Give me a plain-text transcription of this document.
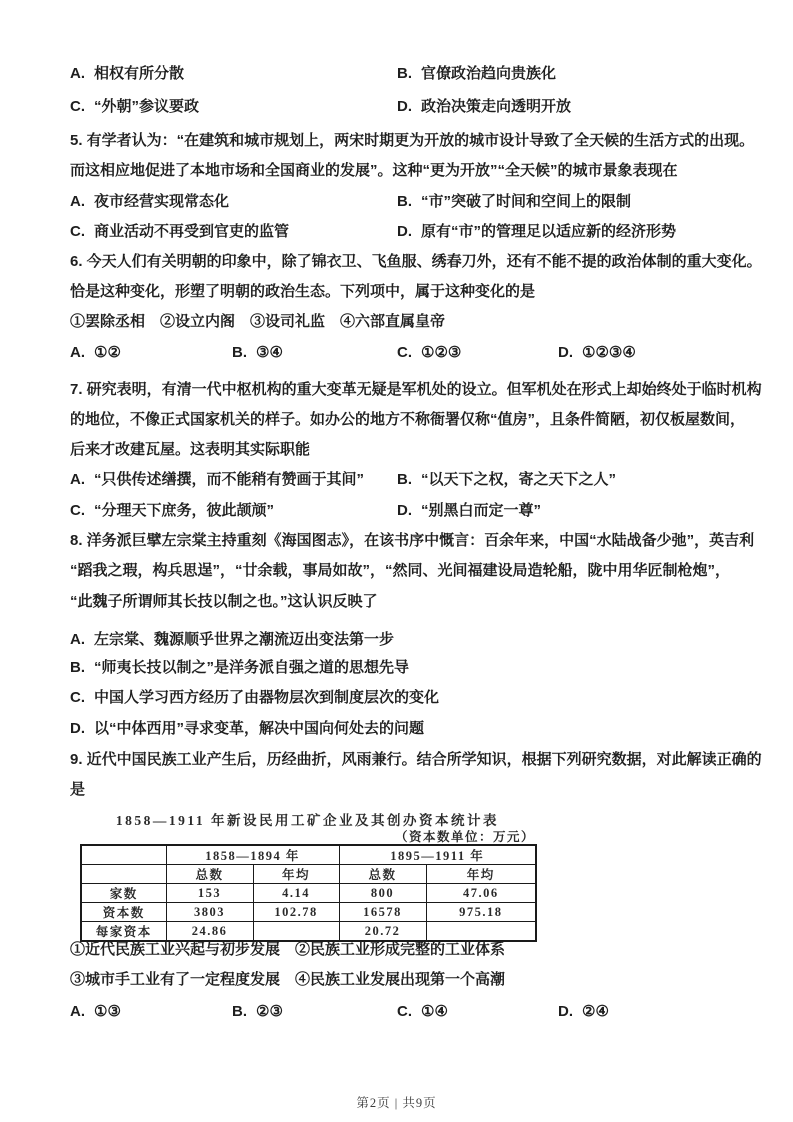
A. 相权有所分散	B. 官僚政治趋向贵族化
C. “外朝”参议要政	D. 政治决策走向透明开放
5. 有学者认为：“在建筑和城市规划上，两宋时期更为开放的城市设计导致了全天候的生活方式的出现。
而这相应地促进了本地市场和全国商业的发展”。这种“更为开放”“全天候”的城市景象表现在
A. 夜市经营实现常态化	B. “市”突破了时间和空间上的限制
C. 商业活动不再受到官吏的监管	D. 原有“市”的管理足以适应新的经济形势
6. 今天人们有关明朝的印象中，除了锦衣卫、飞鱼服、绣春刀外，还有不能不提的政治体制的重大变化。
恰是这种变化，形塑了明朝的政治生态。下列项中，属于这种变化的是
①罢除丞相　②设立内阁　③设司礼监　④六部直属皇帝
A. ①②	B. ③④	C. ①②③	D. ①②③④
7. 研究表明，有清一代中枢机构的重大变革无疑是军机处的设立。但军机处在形式上却始终处于临时机构
的地位，不像正式国家机关的样子。如办公的地方不称衙署仅称“值房”，且条件简陋，初仅板屋数间，
后来才改建瓦屋。这表明其实际职能
A. “只供传述缮撰，而不能稍有赞画于其间” B. “以天下之权，寄之天下之人”
C. “分理天下庶务，彼此颉颃”	D. “别黑白而定一尊”
8. 洋务派巨擘左宗棠主持重刻《海国图志》，在该书序中慨言：百余年来，中国“水陆战备少弛”，英吉利
“蹈我之瑕，构兵思逞”，“廿余载，事局如故”，“然同、光间福建设局造轮船，陇中用华匠制枪炮”，
“此魏子所谓师其长技以制之也。”这认识反映了
A. 左宗棠、魏源顺乎世界之潮流迈出变法第一步
B. “师夷长技以制之”是洋务派自强之道的思想先导
C. 中国人学习西方经历了由器物层次到制度层次的变化
D. 以“中体西用”寻求变革，解决中国向何处去的问题
9. 近代中国民族工业产生后，历经曲折，风雨兼行。结合所学知识，根据下列研究数据，对此解读正确的
是
1858—1911 年新设民用工矿企业及其创办资本统计表
（资本数单位：万元）
	1858—1894 年		1895—1911 年	
	总数	年均	总数	年均
家数	153	4.14	800	47.06
资本数	3803	102.78	16578	975.18
每家资本	24.86		20.72	
①近代民族工业兴起与初步发展　②民族工业形成完整的工业体系
③城市手工业有了一定程度发展　④民族工业发展出现第一个高潮
A. ①③	B. ②③	C. ①④	D. ②④
第2页 | 共9页
